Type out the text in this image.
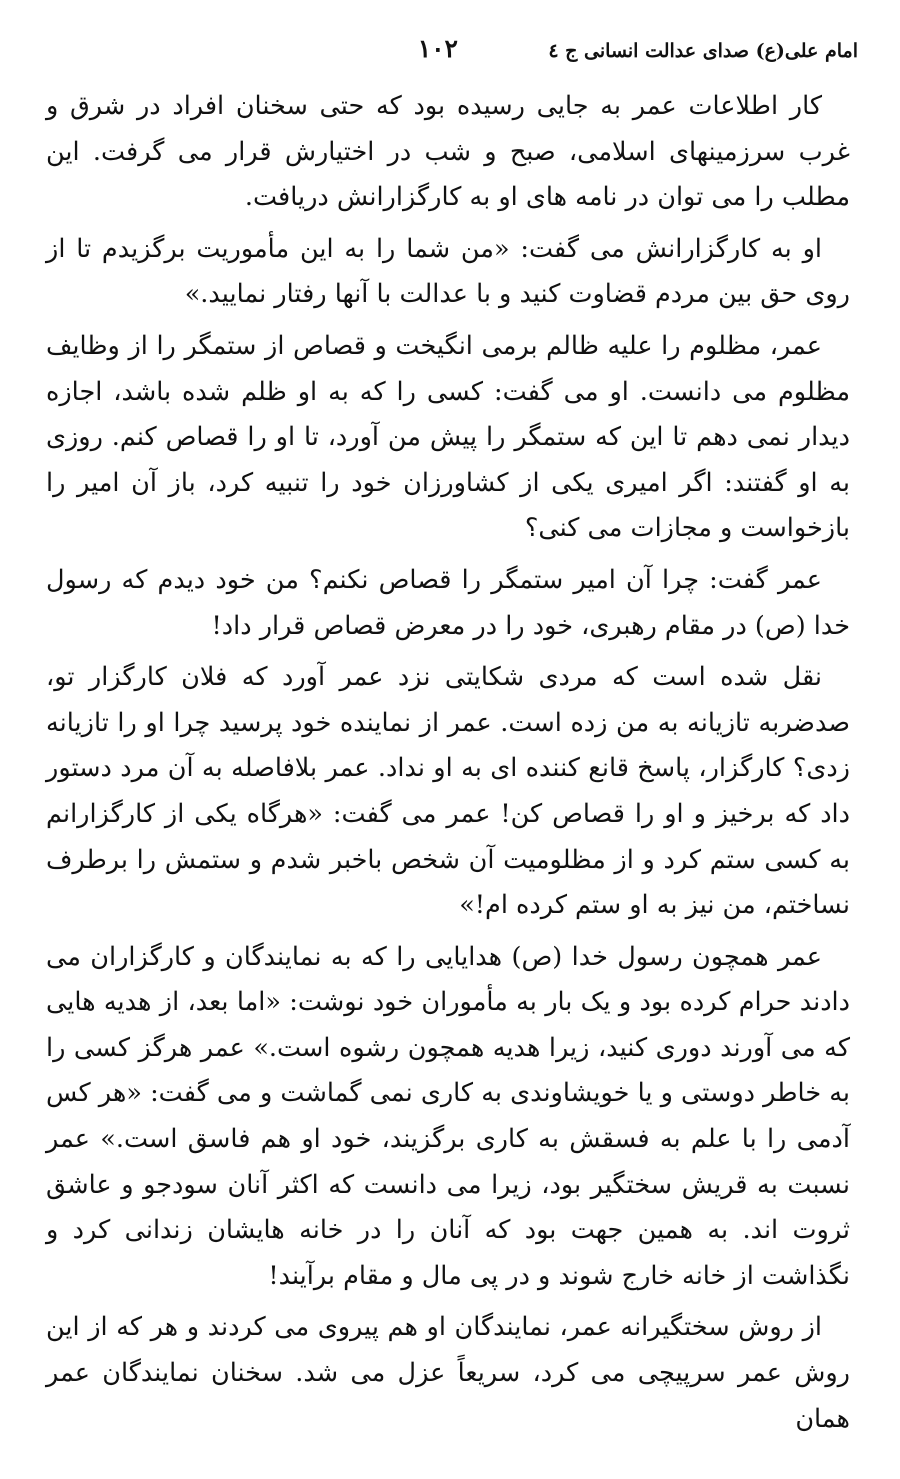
امام علی(ع) صدای عدالت انسانی ج ٤
۱۰۲

کار اطلاعات عمر به جایی رسیده بود که حتی سخنان افراد در شرق و غرب سرزمینهای اسلامی، صبح و شب در اختیارش قرار می گرفت. این مطلب را می توان در نامه های او به کارگزارانش دریافت.

او به کارگزارانش می گفت: «من شما را به این مأموریت برگزیدم تا از روی حق بین مردم قضاوت کنید و با عدالت با آنها رفتار نمایید.»

عمر، مظلوم را علیه ظالم برمی انگیخت و قصاص از ستمگر را از وظایف مظلوم می دانست. او می گفت: کسی را که به او ظلم شده باشد، اجازه دیدار نمی دهم تا این که ستمگر را پیش من آورد، تا او را قصاص کنم. روزی به او گفتند: اگر امیری یکی از کشاورزان خود را تنبیه کرد، باز آن امیر را بازخواست و مجازات می کنی؟

عمر گفت: چرا آن امیر ستمگر را قصاص نکنم؟ من خود دیدم که رسول خدا (ص) در مقام رهبری، خود را در معرض قصاص قرار داد!

نقل شده است که مردی شکایتی نزد عمر آورد که فلان کارگزار تو، صدضربه تازیانه به من زده است. عمر از نماینده خود پرسید چرا او را تازیانه زدی؟ کارگزار، پاسخ قانع کننده ای به او نداد. عمر بلافاصله به آن مرد دستور داد که برخیز و او را قصاص کن! عمر می گفت: «هرگاه یکی از کارگزارانم به کسی ستم کرد و از مظلومیت آن شخص باخبر شدم و ستمش را برطرف نساختم، من نیز به او ستم کرده ام!»

عمر همچون رسول خدا (ص) هدایایی را که به نمایندگان و کارگزاران می دادند حرام کرده بود و یک بار به مأموران خود نوشت: «اما بعد، از هدیه هایی که می آورند دوری کنید، زیرا هدیه همچون رشوه است.» عمر هرگز کسی را به خاطر دوستی و یا خویشاوندی به کاری نمی گماشت و می گفت: «هر کس آدمی را با علم به فسقش به کاری برگزیند، خود او هم فاسق است.» عمر نسبت به قریش سختگیر بود، زیرا می دانست که اکثر آنان سودجو و عاشق ثروت اند. به همین جهت بود که آنان را در خانه هایشان زندانی کرد و نگذاشت از خانه خارج شوند و در پی مال و مقام برآیند!

از روش سختگیرانه عمر، نمایندگان او هم پیروی می کردند و هر که از این روش عمر سرپیچی می کرد، سریعاً عزل می شد. سخنان نمایندگان عمر همان
